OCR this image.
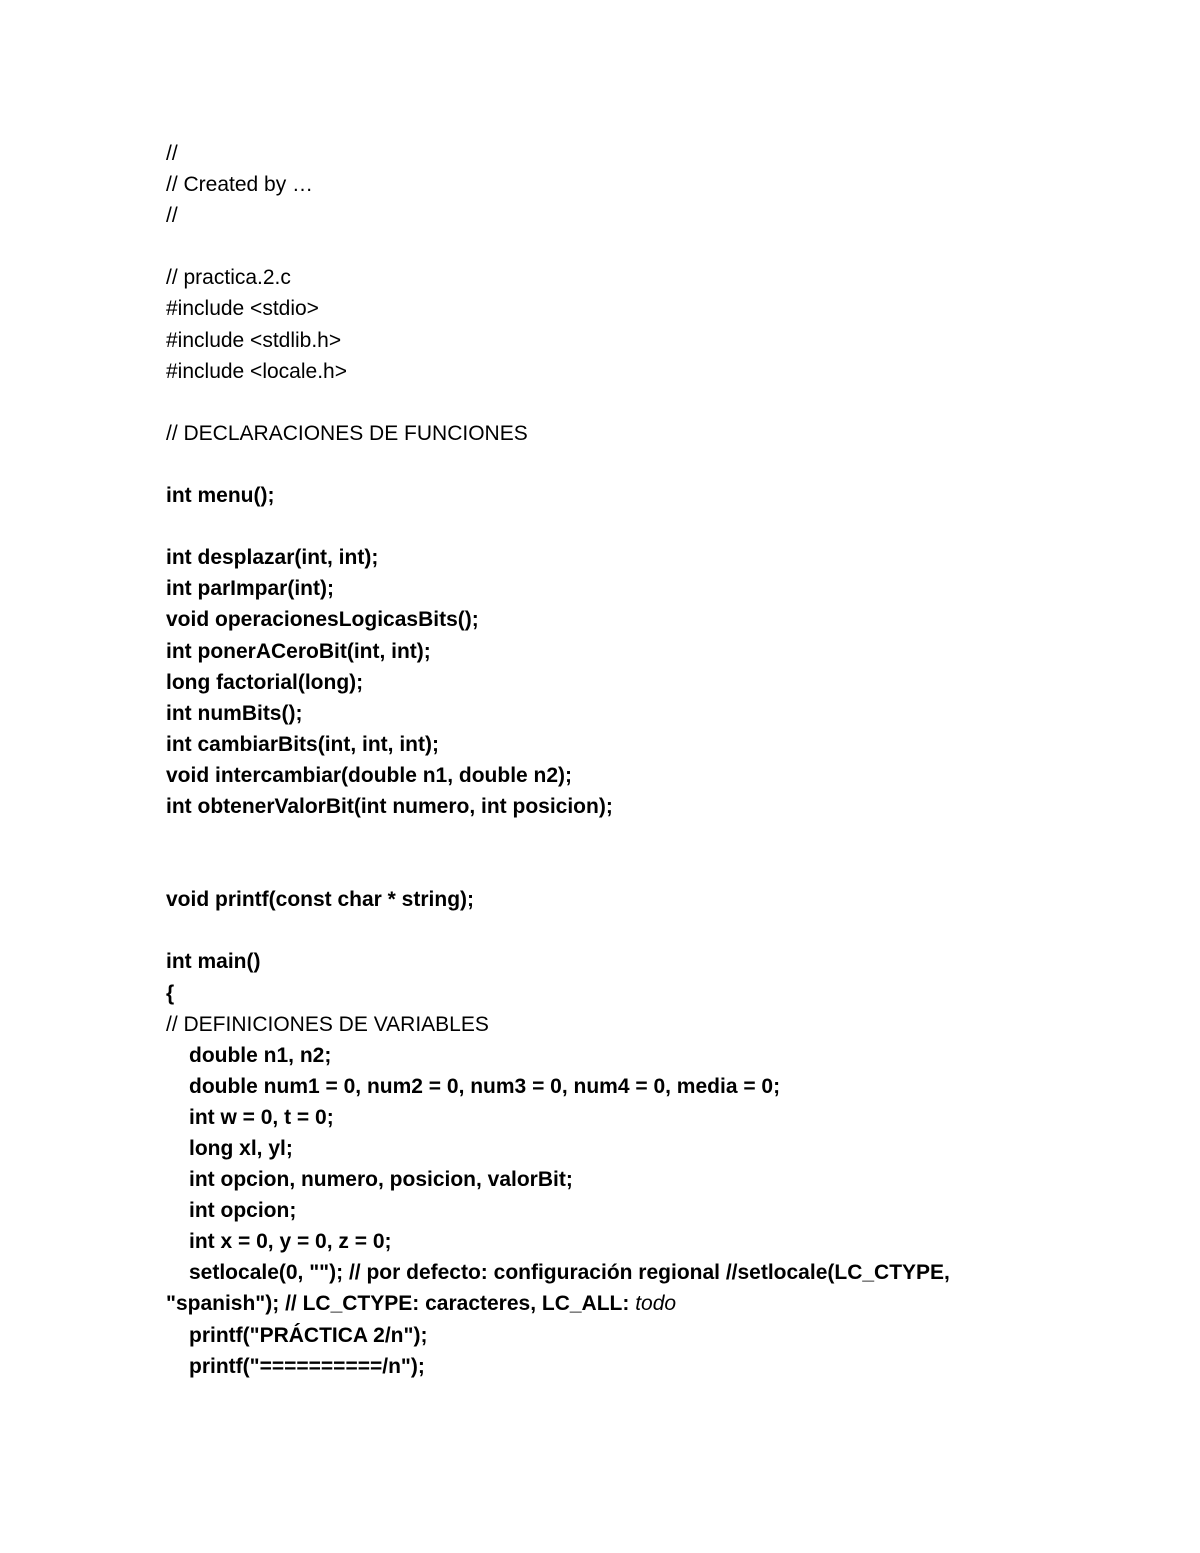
//
// Created by …
//
// practica.2.c
#include <stdio>
#include <stdlib.h>
#include <locale.h>
// DECLARACIONES DE FUNCIONES
int menu();
int desplazar(int, int);
int parImpar(int);
void operacionesLogicasBits();
int ponerACeroBit(int, int);
long factorial(long);
int numBits();
int cambiarBits(int, int, int);
void intercambiar(double n1, double n2);
int obtenerValorBit(int numero, int posicion);
void printf(const char * string);
int main()
{
// DEFINICIONES DE VARIABLES
double n1, n2;
double num1 = 0, num2 = 0, num3 = 0, num4 = 0, media = 0;
int w = 0, t = 0;
long xl, yl;
int opcion, numero, posicion, valorBit;
int opcion;
int x = 0, y = 0, z = 0;
setlocale(0, ""); // por defecto: configuración regional //setlocale(LC_CTYPE,
"spanish"); // LC_CTYPE: caracteres, LC_ALL: todo
printf("PRÁCTICA 2/n");
printf("==========/n");
